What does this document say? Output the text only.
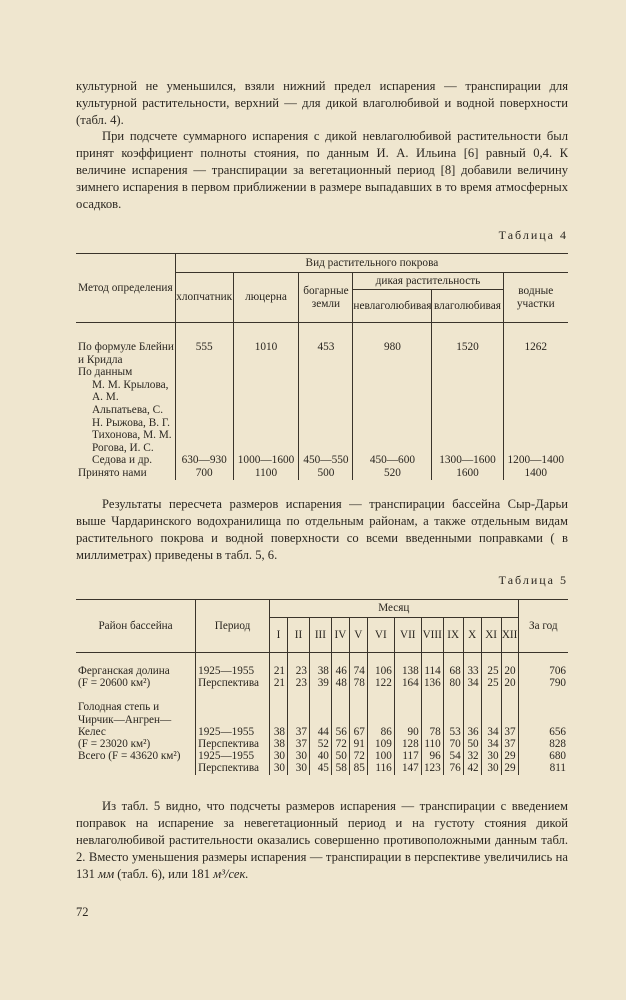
культурной не уменьшился, взяли нижний предел испарения — транспирации для культурной растительности, верхний — для дикой влаголюбивой и водной поверхности (табл. 4).

При подсчете суммарного испарения с дикой невлаголюбивой растительности был принят коэффициент полноты стояния, по данным И. А. Ильина [6] равный 0,4. К величине испарения — транспирации за вегетационный период [8] добавили величину зимнего испарения в первом приближении в размере выпадавших в то время атмосферных осадков.

Таблица 4
Метод определения	Вид растительного покрова					
	хлопчатник	люцерна	богарные земли	дикая растительность		водные участки
				невлаголюбивая	влаголюбивая	

По формуле Блейни и Кридла	555	1010	453	980	1520	1262

По данным
М. М. Крылова,
А. М. Альпатьева, С. Н. Рыжова, В. Г. Тихонова, М. М. Рогова, И. С. Седова и др.	630—930	1000—1600	450—550	450—600	1300—1600	1200—1400
Принято нами	700	1100	500	520	1600	1400

Результаты пересчета размеров испарения — транспирации бассейна Сыр-Дарьи выше Чардаринского водохранилища по отдельным районам, а также отдельным видам растительного покрова и водной поверхности со всеми введенными поправками ( в миллиметрах) приведены в табл. 5, 6.

Таблица 5
Район бассейна	Период	Месяц												За год
		I	II	III	IV	V	VI	VII	VIII	IX	X	XI	XII	

Ферганская долина	1925—1955	21	23	38	46	74	106	138	114	68	33	25	20	706
(F = 20600 км²)	Перспектива	21	23	39	48	78	122	164	136	80	34	25	20	790

Голодная степь и Чирчик—Ангрен—Келес	1925—1955	38	37	44	56	67	86	90	78	53	36	34	37	656
(F = 23020 км²)	Перспектива	38	37	52	72	91	109	128	110	70	50	34	37	828
Всего (F = 43620 км²)	1925—1955	30	30	40	50	72	100	117	96	54	32	30	29	680
	Перспектива	30	30	45	58	85	116	147	123	76	42	30	29	811

Из табл. 5 видно, что подсчеты размеров испарения — транспирации с введением поправок на испарение за невегетационный период и на густоту стояния дикой невлаголюбивой растительности оказались совершенно противоположными данным табл. 2. Вместо уменьшения размеры испарения — транспирации в перспективе увеличились на 131 мм (табл. 6), или 181 м³/сек.

72
